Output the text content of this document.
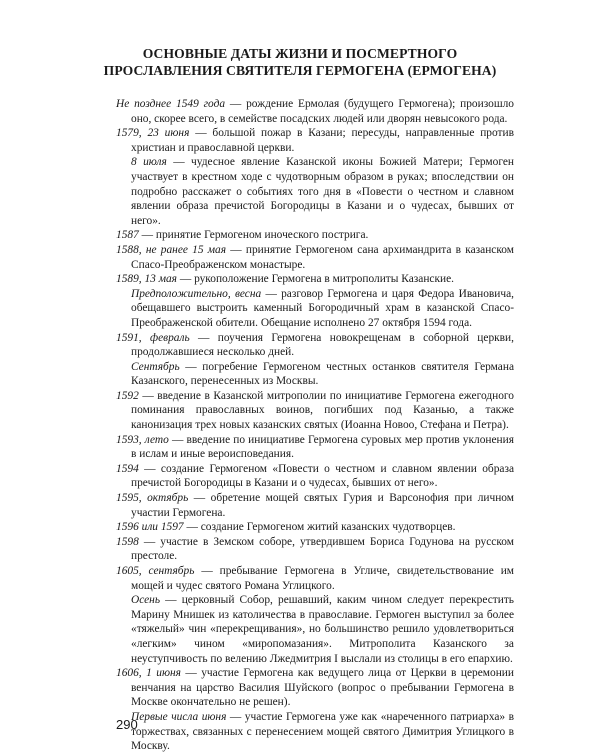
ОСНОВНЫЕ ДАТЫ ЖИЗНИ И ПОСМЕРТНОГО
ПРОСЛАВЛЕНИЯ СВЯТИТЕЛЯ ГЕРМОГЕНА (ЕРМОГЕНА)

Не позднее 1549 года — рождение Ермолая (будущего Гермогена); произошло оно, скорее всего, в семействе посадских людей или дворян невысокого рода.

1579, 23 июня — большой пожар в Казани; пересуды, направленные против христиан и православной церкви.

8 июля — чудесное явление Казанской иконы Божией Матери; Гермоген участвует в крестном ходе с чудотворным образом в руках; впоследствии он подробно расскажет о событиях того дня в «Повести о честном и славном явлении образа пречистой Богородицы в Казани и о чудесах, бывших от него».

1587 — принятие Гермогеном иноческого пострига.

1588, не ранее 15 мая — принятие Гермогеном сана архимандрита в казанском Спасо-Преображенском монастыре.

1589, 13 мая — рукоположение Гермогена в митрополиты Казанские.

Предположительно, весна — разговор Гермогена и царя Федора Ивановича, обещавшего выстроить каменный Богородичный храм в казанской Спасо-Преображенской обители. Обещание исполнено 27 октября 1594 года.

1591, февраль — поучения Гермогена новокрещенам в соборной церкви, продолжавшиеся несколько дней.

Сентябрь — погребение Гермогеном честных останков святителя Германа Казанского, перенесенных из Москвы.

1592 — введение в Казанской митрополии по инициативе Гермогена ежегодного поминания православных воинов, погибших под Казанью, а также канонизация трех новых казанских святых (Иоанна Новоо, Стефана и Петра).

1593, лето — введение по инициативе Гермогена суровых мер против уклонения в ислам и иные вероисповедания.

1594 — создание Гермогеном «Повести о честном и славном явлении образа пречистой Богородицы в Казани и о чудесах, бывших от него».

1595, октябрь — обретение мощей святых Гурия и Варсонофия при личном участии Гермогена.

1596 или 1597 — создание Гермогеном житий казанских чудотворцев.

1598 — участие в Земском соборе, утвердившем Бориса Годунова на русском престоле.

1605, сентябрь — пребывание Гермогена в Угличе, свидетельствование им мощей и чудес святого Романа Углицкого.

Осень — церковный Собор, решавший, каким чином следует перекрестить Марину Мнишек из католичества в православие. Гермоген выступил за более «тяжелый» чин «перекрещивания», но большинство решило удовлетвориться «легким» чином «миропомазания». Митрополита Казанского за неуступчивость по велению Лжедмитрия I выслали из столицы в его епархию.

1606, 1 июня — участие Гермогена как ведущего лица от Церкви в церемонии венчания на царство Василия Шуйского (вопрос о пребывании Гермогена в Москве окончательно не решен).

Первые числа июня — участие Гермогена уже как «нареченного патриарха» в торжествах, связанных с перенесением мощей святого Димитрия Углицкого в Москву.

290
